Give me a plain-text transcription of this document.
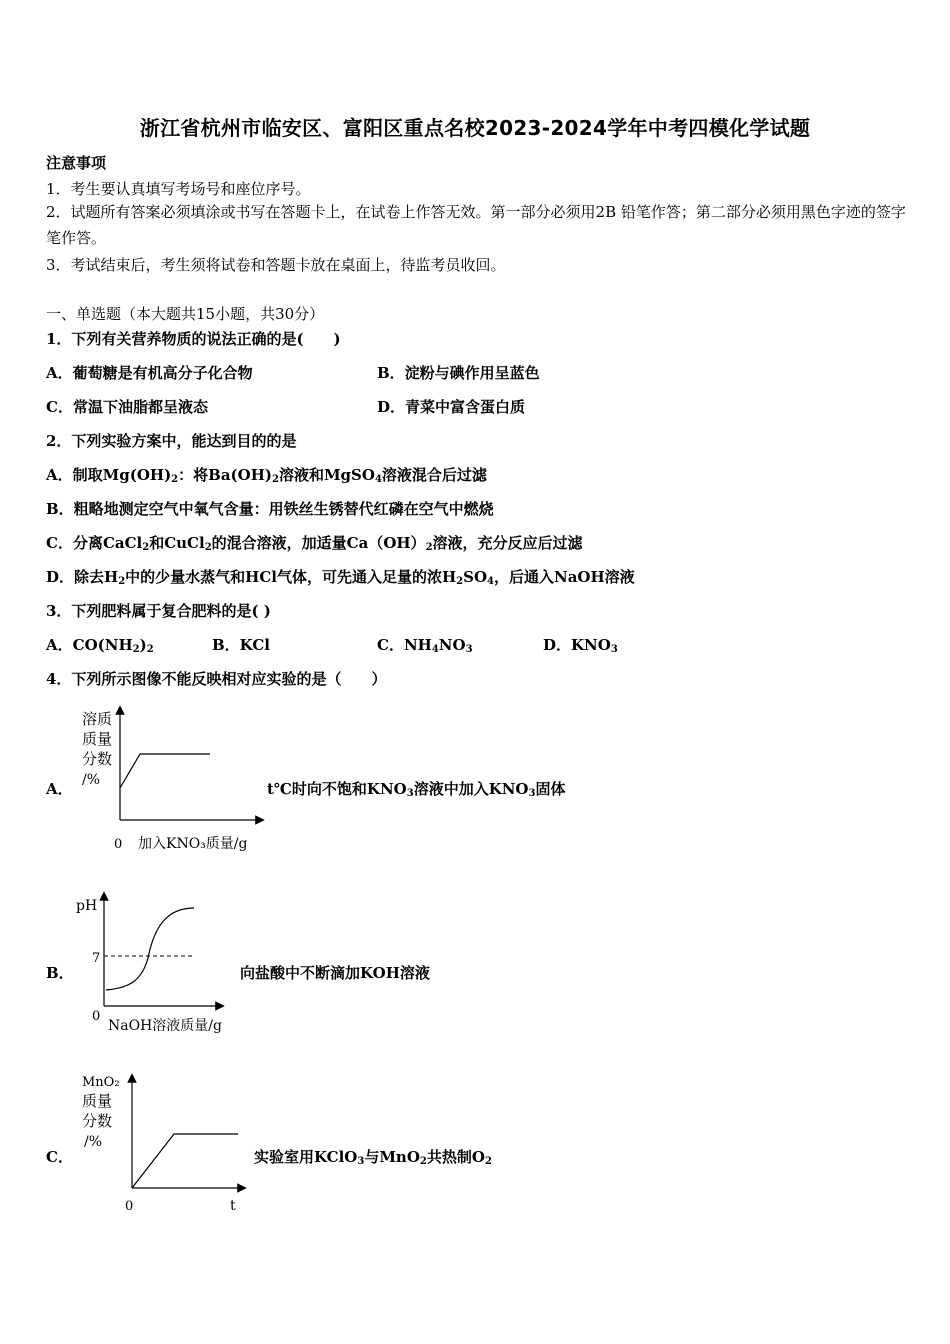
浙江省杭州市临安区、富阳区重点名校2023-2024学年中考四模化学试题
注意事项
1．考生要认真填写考场号和座位序号。
2．试题所有答案必须填涂或书写在答题卡上，在试卷上作答无效。第一部分必须用2B 铅笔作答；第二部分必须用黑色字迹的签字笔作答。
3．考试结束后，考生须将试卷和答题卡放在桌面上，待监考员收回。
一、单选题（本大题共15小题，共30分）
1．下列有关营养物质的说法正确的是(　　)
A．葡萄糖是有机高分子化合物	B．淀粉与碘作用呈蓝色
C．常温下油脂都呈液态	D．青菜中富含蛋白质
2．下列实验方案中，能达到目的的是
A．制取$Mg(OH)_2$：将$Ba(OH)_2$溶液和MgSO$_4$溶液混合后过滤
B．粗略地测定空气中氧气含量：用铁丝生锈替代红磷在空气中燃烧
C．分离CaCl$_2$和CuCl$_2$的混合溶液，加适量$Ca(OH)_2$溶液，充分反应后过滤
D．除去$H_2$中的少量水蒸气和HCl气体，可先通入足量的浓$H_2SO_4$，后通入NaOH溶液
3．下列肥料属于复合肥料的是( )
A．$CO(NH_2)_2$	B．KCl	C．$NH_4NO_3$	D．$KNO_3$
4．下列所示图像不能反映相对应实验的是（　　）
A．
溶质
质量
分数
/%
0 加入KNO₃质量/g
t℃时向不饱和$KNO_3$溶液中加入$KNO_3$固体
B．
pH
7
0
NaOH溶液质量/g
向盐酸中不断滴加KOH溶液
C．
MnO₂
质量
分数
/%
0	t
实验室用KClO$_3$与MnO$_2$共热制$O_2$
